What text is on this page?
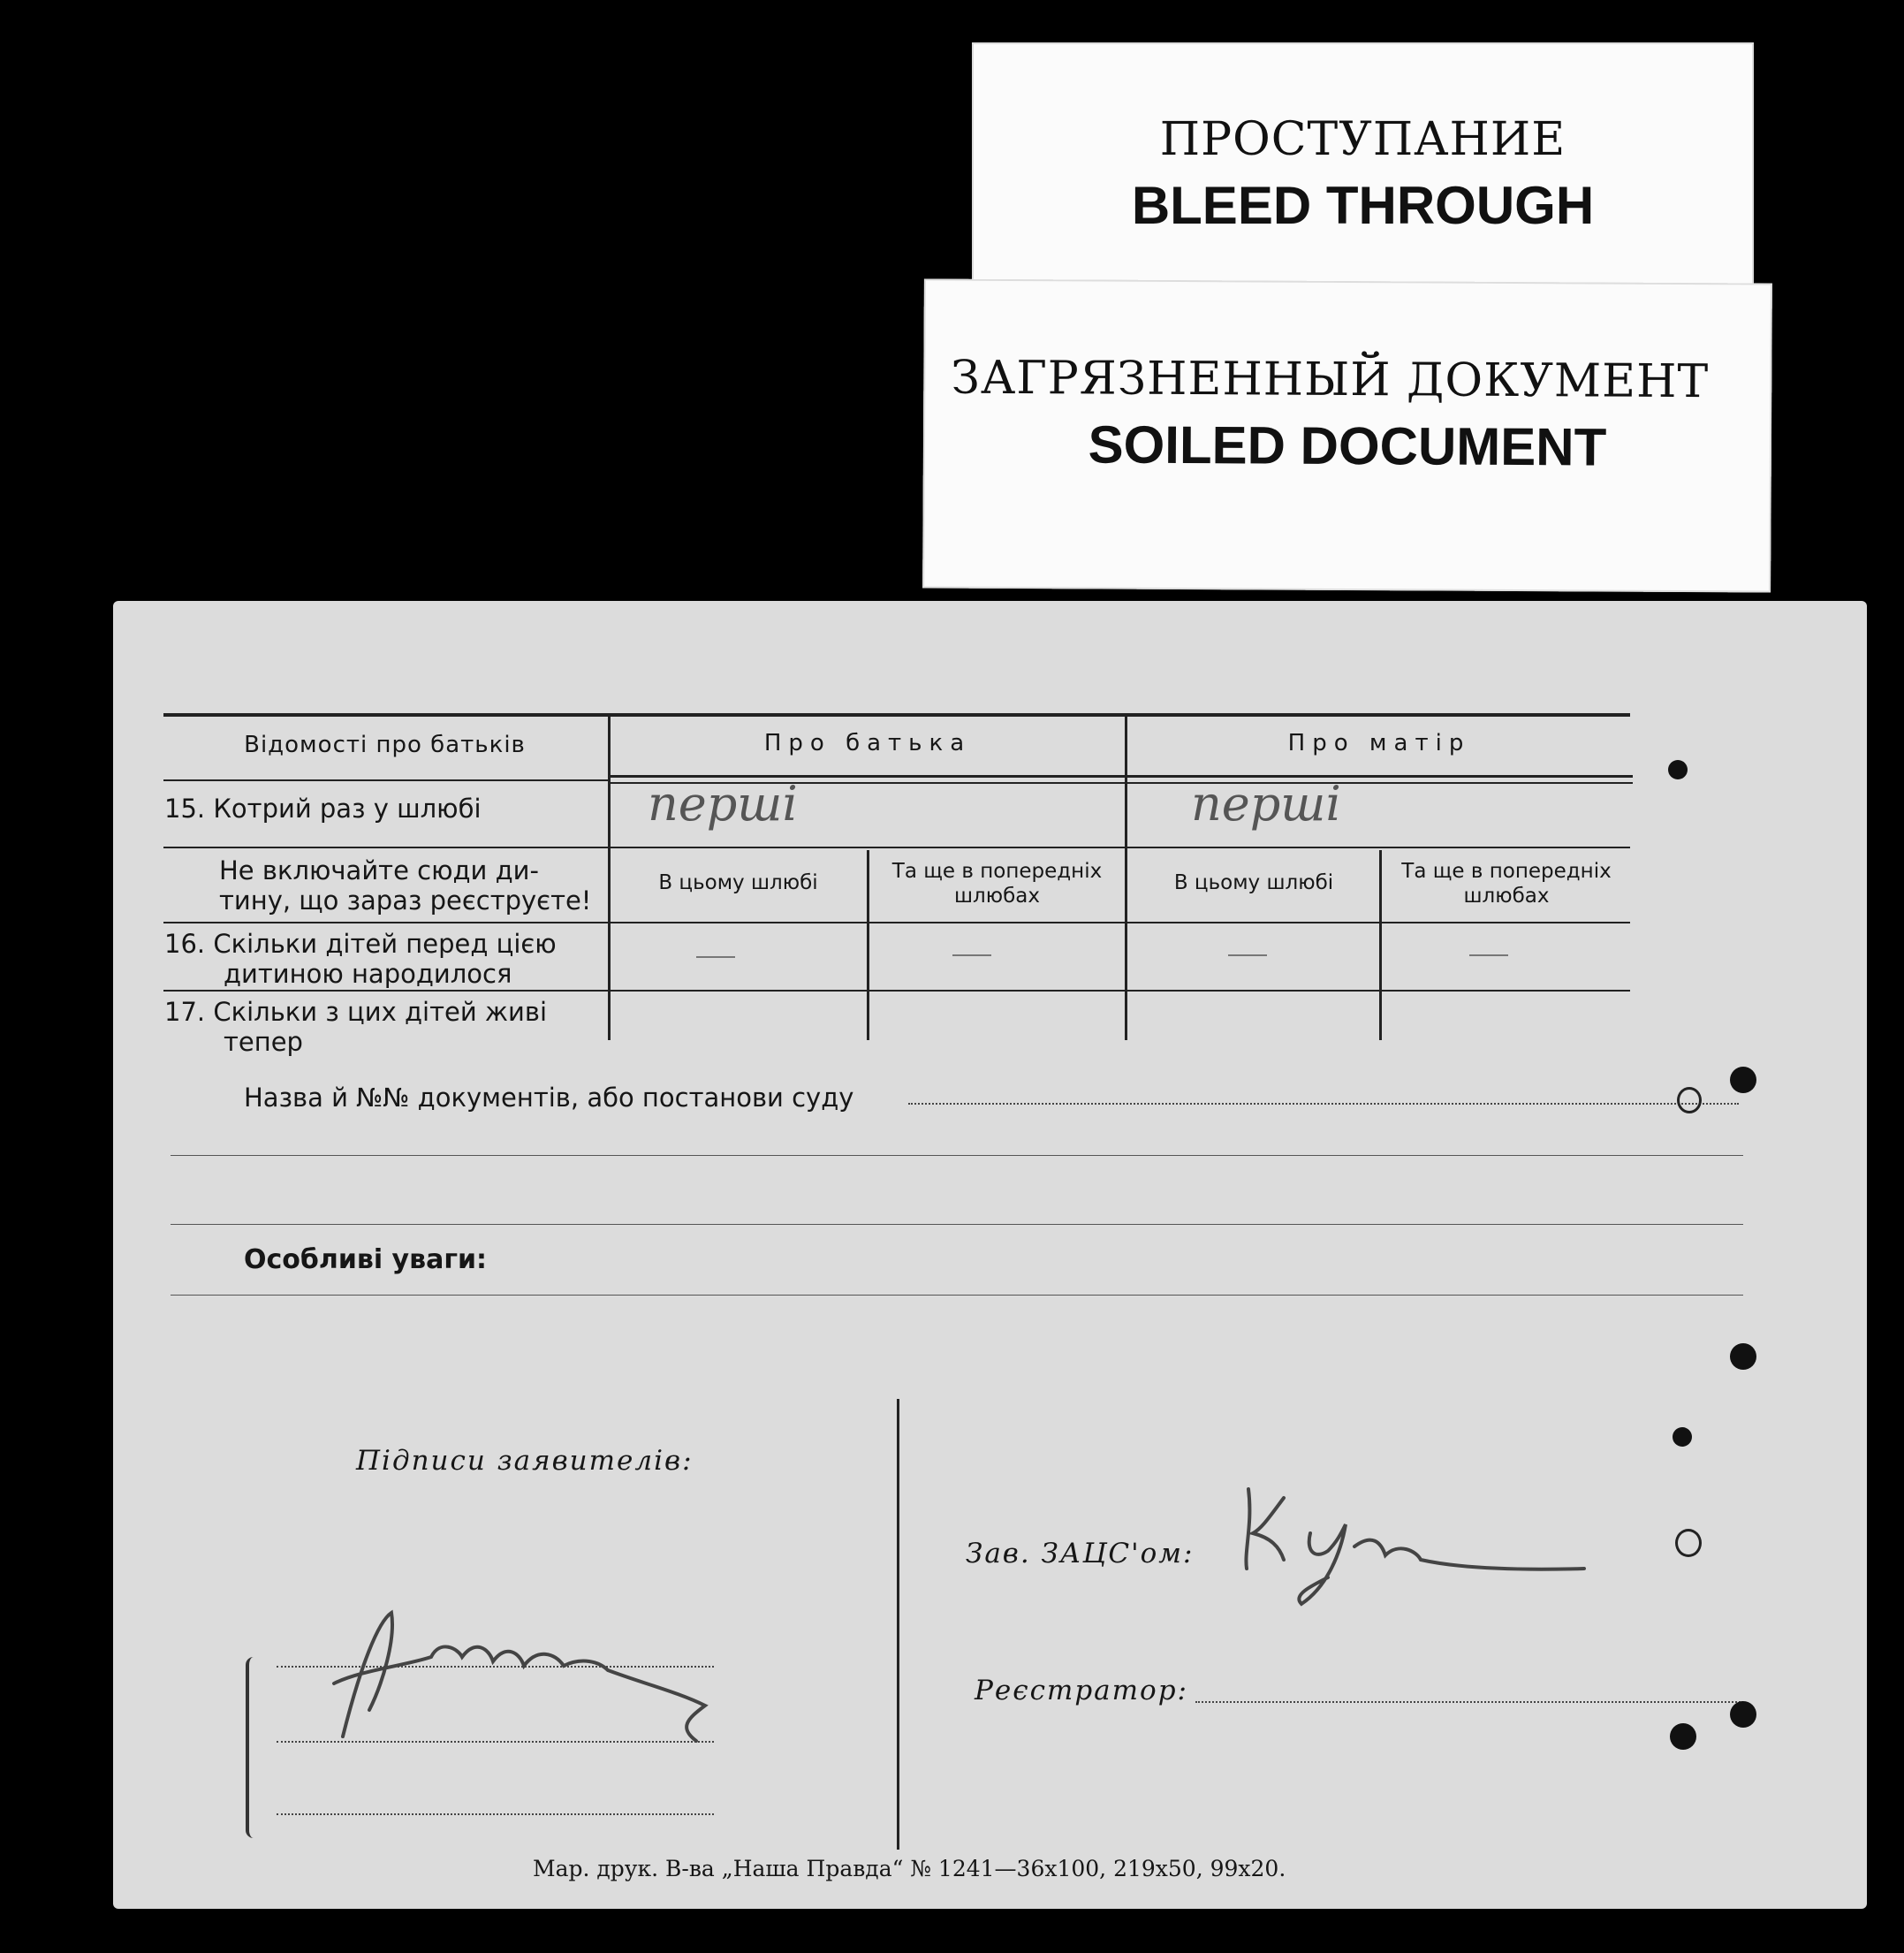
ПРОСТУПАНИЕ
BLEED THROUGH
ЗАГРЯЗНЕННЫЙ ДОКУМЕНТ
SOILED DOCUMENT
Відомості про батьків	Про батька	Про матір
15. Котрий раз у шлюбі	перші	перші
Не включайте сюди ди-
тину, що зараз реєструєте!
В цьому шлюбі	Та ще в попередніх шлюбах
В цьому шлюбі	Та ще в попередніх шлюбах
16. Скільки дітей перед цією
дитиною народилося
17. Скільки з цих дітей живі
тепер
Назва й №№ документів, або постанови суду
Особливі уваги:
Підписи заявителів:
Зав. ЗАЦС'ом:
Реєстратор:
Мар. друк. В-ва „Наша Правда“ № 1241—36x100, 219x50, 99x20.
